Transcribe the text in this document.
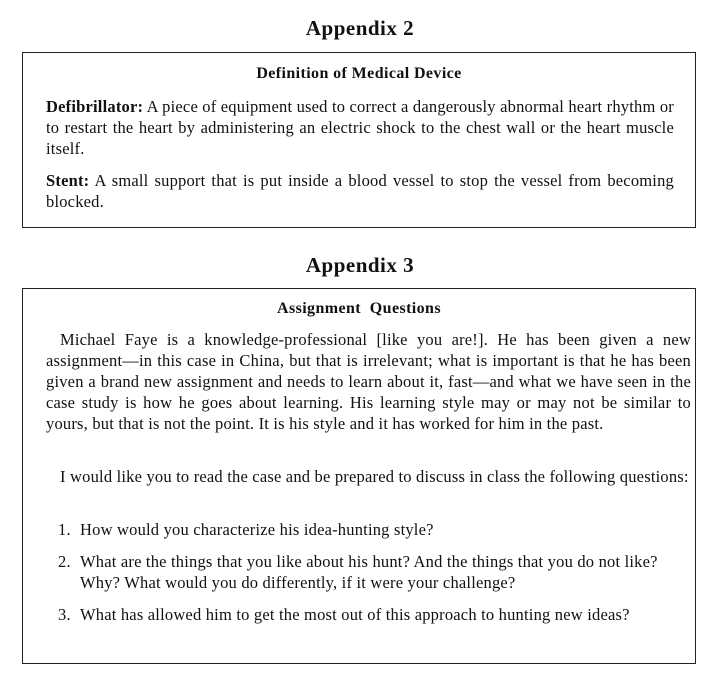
Appendix 2
Definition of Medical Device

Defibrillator: A piece of equipment used to correct a dangerously abnormal heart rhythm or to restart the heart by administering an electric shock to the chest wall or the heart muscle itself.

Stent: A small support that is put inside a blood vessel to stop the vessel from becoming blocked.

Appendix 3
Assignment  Questions

Michael Faye is a knowledge-professional [like you are!]. He has been given a new assignment—in this case in China, but that is irrelevant; what is important is that he has been given a brand new assignment and needs to learn about it, fast—and what we have seen in the case study is how he goes about learning. His learning style may or may not be similar to yours, but that is not the point. It is his style and it has worked for him in the past.

I would like you to read the case and be prepared to discuss in class the following questions:

1. How would you characterize his idea-hunting style?

2. What are the things that you like about his hunt? And the things that you do not like? Why? What would you do differently, if it were your challenge?

3. What has allowed him to get the most out of this approach to hunting new ideas?
